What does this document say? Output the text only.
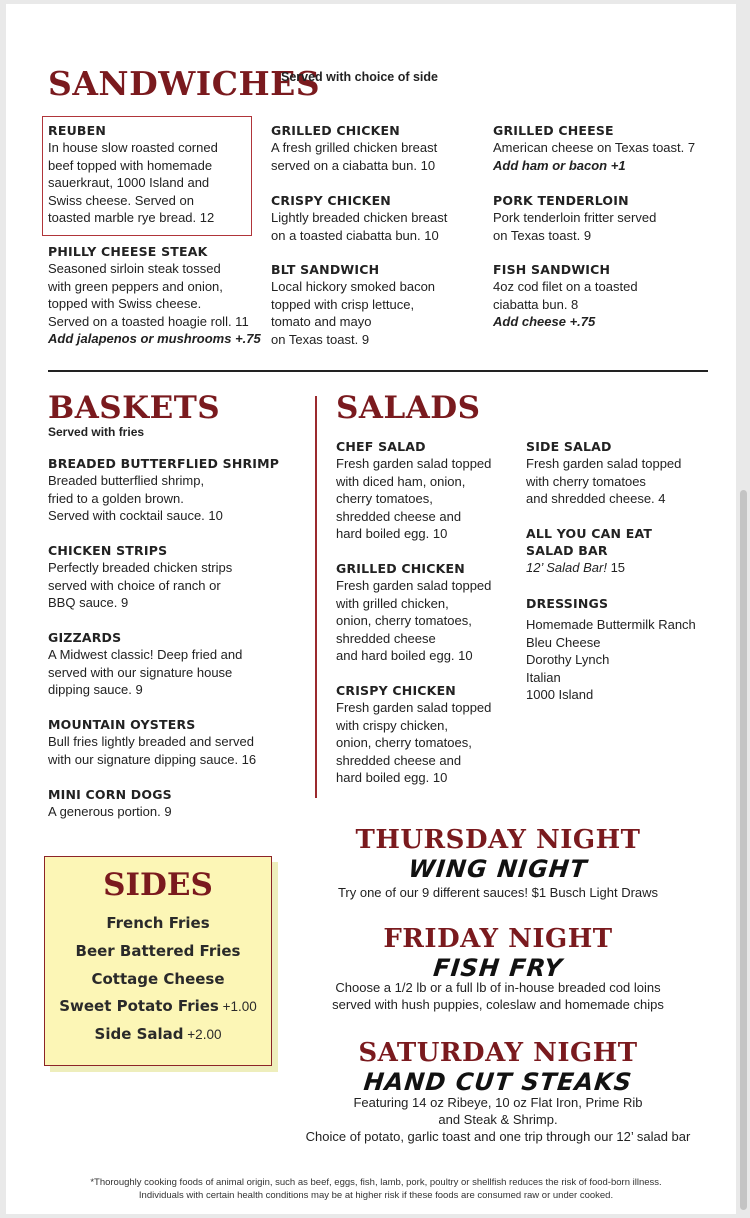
SANDWICHES
Served with choice of side
REUBEN
In house slow roasted corned
beef topped with homemade
sauerkraut, 1000 Island and
Swiss cheese. Served on
toasted marble rye bread. 12
PHILLY CHEESE STEAK
Seasoned sirloin steak tossed
with green peppers and onion,
topped with Swiss cheese.
Served on a toasted hoagie roll. 11
Add jalapenos or mushrooms +.75
GRILLED CHICKEN
A fresh grilled chicken breast
served on a ciabatta bun. 10
CRISPY CHICKEN
Lightly breaded chicken breast
on a toasted ciabatta bun. 10
BLT SANDWICH
Local hickory smoked bacon
topped with crisp lettuce,
tomato and mayo
on Texas toast. 9
GRILLED CHEESE
American cheese on Texas toast. 7
Add ham or bacon +1
PORK TENDERLOIN
Pork tenderloin fritter served
on Texas toast. 9
FISH SANDWICH
4oz cod filet on a toasted
ciabatta bun. 8
Add cheese +.75
BASKETS
Served with fries
BREADED BUTTERFLIED SHRIMP
Breaded butterflied shrimp,
fried to a golden brown.
Served with cocktail sauce. 10
CHICKEN STRIPS
Perfectly breaded chicken strips
served with choice of ranch or
BBQ sauce. 9
GIZZARDS
A Midwest classic! Deep fried and
served with our signature house
dipping sauce. 9
MOUNTAIN OYSTERS
Bull fries lightly breaded and served
with our signature dipping sauce. 16
MINI CORN DOGS
A generous portion. 9
SALADS
CHEF SALAD
Fresh garden salad topped
with diced ham, onion,
cherry tomatoes,
shredded cheese and
hard boiled egg. 10
GRILLED CHICKEN
Fresh garden salad topped
with grilled chicken,
onion, cherry tomatoes,
shredded cheese
and hard boiled egg. 10
CRISPY CHICKEN
Fresh garden salad topped
with crispy chicken,
onion, cherry tomatoes,
shredded cheese and
hard boiled egg. 10
SIDE SALAD
Fresh garden salad topped
with cherry tomatoes
and shredded cheese. 4
ALL YOU CAN EAT
SALAD BAR
12’ Salad Bar! 15
DRESSINGS
Homemade Buttermilk Ranch
Bleu Cheese
Dorothy Lynch
Italian
1000 Island
SIDES
French Fries
Beer Battered Fries
Cottage Cheese
Sweet Potato Fries +1.00
Side Salad +2.00
THURSDAY NIGHT
WING NIGHT
Try one of our 9 different sauces! $1 Busch Light Draws
FRIDAY NIGHT
FISH FRY
Choose a 1/2 lb or a full lb of in-house breaded cod loins
served with hush puppies, coleslaw and homemade chips
SATURDAY NIGHT
HAND CUT STEAKS
Featuring 14 oz Ribeye, 10 oz Flat Iron, Prime Rib
and Steak & Shrimp.
Choice of potato, garlic toast and one trip through our 12’ salad bar
*Thoroughly cooking foods of animal origin, such as beef, eggs, fish, lamb, pork, poultry or shellfish reduces the risk of food-born illness.
Individuals with certain health conditions may be at higher risk if these foods are consumed raw or under cooked.
